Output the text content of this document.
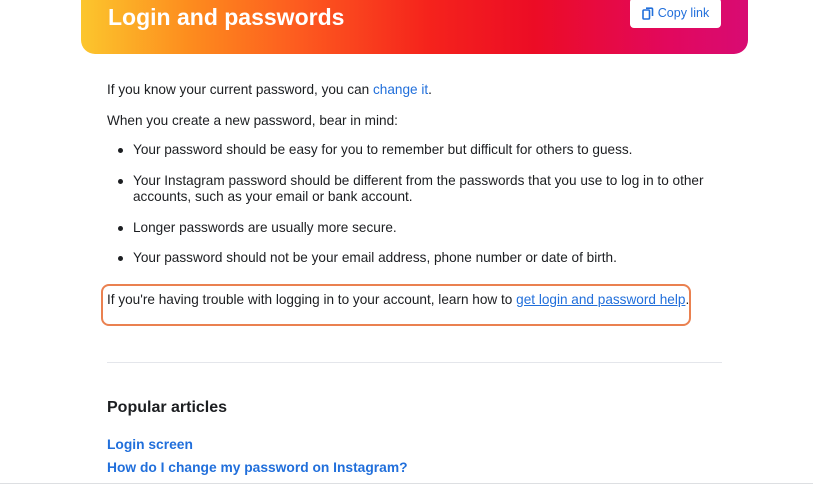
Login and passwords	Copy link
If you know your current password, you can change it.
When you create a new password, bear in mind:
Your password should be easy for you to remember but difficult for others to guess.
Your Instagram password should be different from the passwords that you use to log in to other accounts, such as your email or bank account.
Longer passwords are usually more secure.
Your password should not be your email address, phone number or date of birth.
If you're having trouble with logging in to your account, learn how to get login and password help.
Popular articles
Login screen
How do I change my password on Instagram?
